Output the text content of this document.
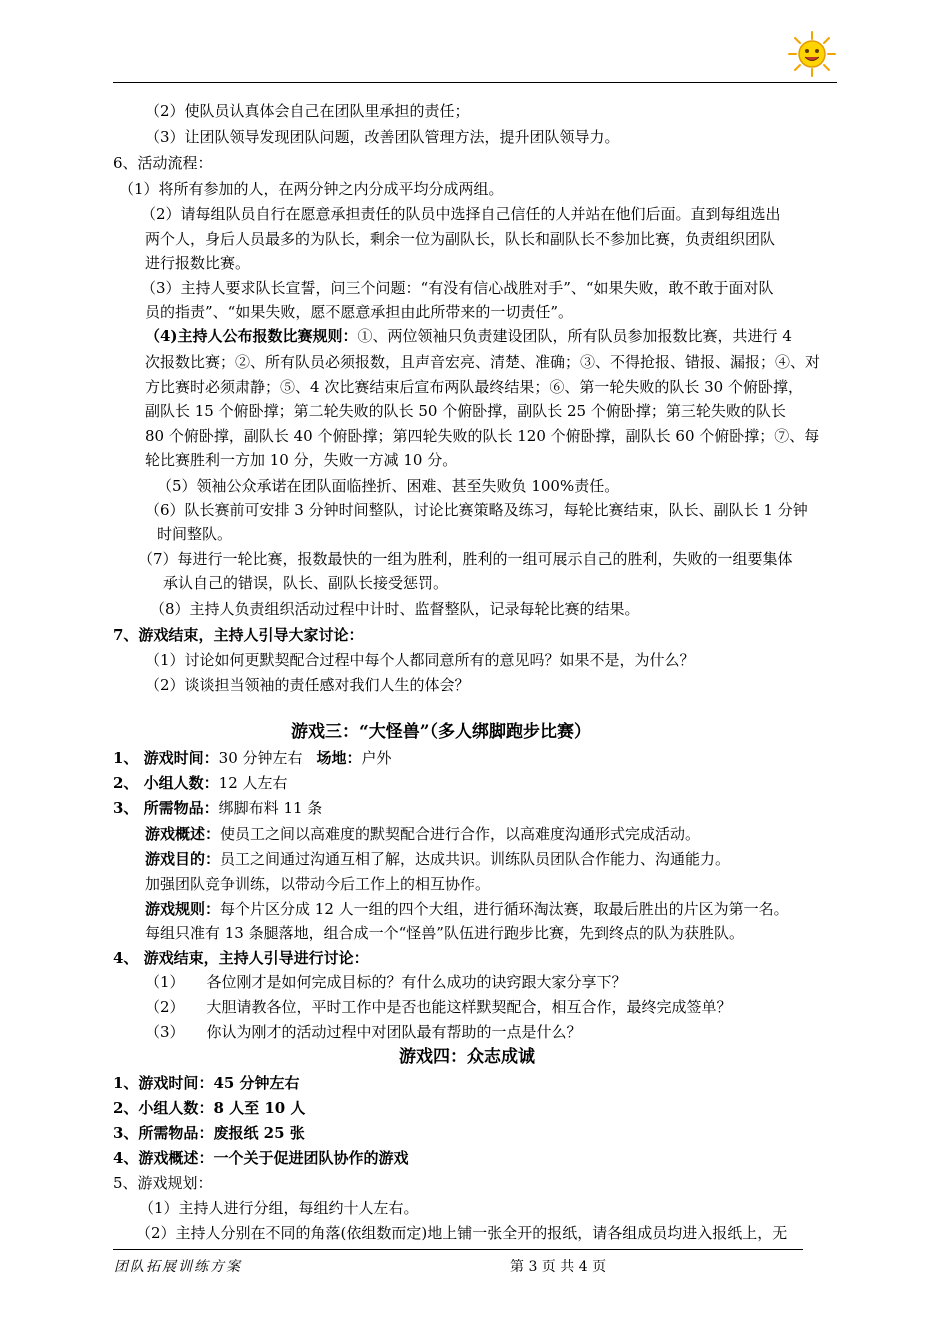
（2）使队员认真体会自己在团队里承担的责任；
（3）让团队领导发现团队问题，改善团队管理方法，提升团队领导力。
6、活动流程：
（1）将所有参加的人，在两分钟之内分成平均分成两组。
（2）请每组队员自行在愿意承担责任的队员中选择自己信任的人并站在他们后面。直到每组选出
两个人，身后人员最多的为队长，剩余一位为副队长，队长和副队长不参加比赛，负责组织团队
进行报数比赛。
（3）主持人要求队长宣誓，问三个问题：“有没有信心战胜对手”、“如果失败，敢不敢于面对队
员的指责”、“如果失败，愿不愿意承担由此所带来的一切责任”。
（4)主持人公布报数比赛规则：①、两位领袖只负责建设团队，所有队员参加报数比赛，共进行 4
次报数比赛；②、所有队员必须报数，且声音宏亮、清楚、准确；③、不得抢报、错报、漏报；④、对
方比赛时必须肃静；⑤、4 次比赛结束后宣布两队最终结果；⑥、第一轮失败的队长 30 个俯卧撑，
副队长 15 个俯卧撑；第二轮失败的队长 50 个俯卧撑，副队长 25 个俯卧撑；第三轮失败的队长
80 个俯卧撑，副队长 40 个俯卧撑；第四轮失败的队长 120 个俯卧撑，副队长 60 个俯卧撑；⑦、每
轮比赛胜利一方加 10 分，失败一方减 10 分。
（5）领袖公众承诺在团队面临挫折、困难、甚至失败负 100%责任。
（6）队长赛前可安排 3 分钟时间整队，讨论比赛策略及练习，每轮比赛结束，队长、副队长 1 分钟
时间整队。
（7）每进行一轮比赛，报数最快的一组为胜利，胜利的一组可展示自己的胜利，失败的一组要集体
承认自己的错误，队长、副队长接受惩罚。
（8）主持人负责组织活动过程中计时、监督整队，记录每轮比赛的结果。
7、游戏结束，主持人引导大家讨论：
（1）讨论如何更默契配合过程中每个人都同意所有的意见吗？如果不是，为什么？
（2）谈谈担当领袖的责任感对我们人生的体会？
游戏三：“大怪兽”（多人绑脚跑步比赛）
1、 游戏时间：30 分钟左右 场地：户外
2、 小组人数：12 人左右
3、 所需物品：绑脚布料 11 条
游戏概述：使员工之间以高难度的默契配合进行合作，以高难度沟通形式完成活动。
游戏目的：员工之间通过沟通互相了解，达成共识。训练队员团队合作能力、沟通能力。
加强团队竞争训练，以带动今后工作上的相互协作。
游戏规则：每个片区分成 12 人一组的四个大组，进行循环淘汰赛，取最后胜出的片区为第一名。
每组只准有 13 条腿落地，组合成一个“怪兽”队伍进行跑步比赛，先到终点的队为获胜队。
4、 游戏结束，主持人引导进行讨论：
（1） 各位刚才是如何完成目标的？有什么成功的诀窍跟大家分享下？
（2） 大胆请教各位，平时工作中是否也能这样默契配合，相互合作，最终完成签单？
（3） 你认为刚才的活动过程中对团队最有帮助的一点是什么？
游戏四：众志成诚
1、游戏时间：45 分钟左右
2、小组人数：8 人至 10 人
3、所需物品：废报纸 25 张
4、游戏概述：一个关于促进团队协作的游戏
5、游戏规划：
（1）主持人进行分组，每组约十人左右。
（2）主持人分别在不同的角落(依组数而定)地上铺一张全开的报纸，请各组成员均进入报纸上，无
团队拓展训练方案	第 3 页 共 4 页
